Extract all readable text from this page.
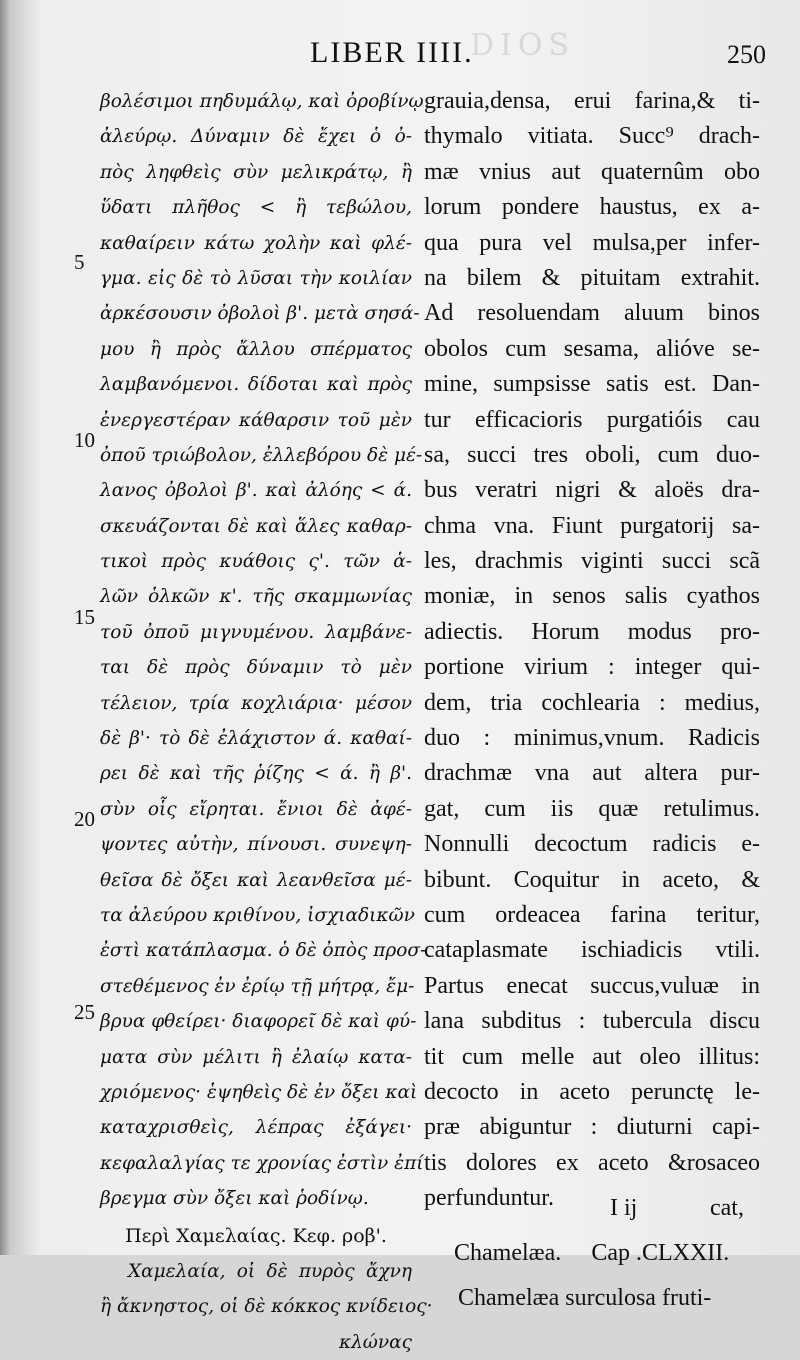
DIOS
LIBER IIII.	250
5
10
15
20
25
βολέσιμοι πηδυμάλῳ, καὶ ὀροβίνῳ
ἀλεύρῳ. Δύναμιν δὲ ἔχει ὁ ὀ-
πὸς ληφθεὶς σὺν μελικράτῳ, ἢ
ὕδατι πλῆθος < ἢ τεβώλου,
καθαίρειν κάτω χολὴν καὶ φλέ-
γμα. εἰς δὲ τὸ λῦσαι τὴν κοιλίαν
ἀρκέσουσιν ὀβολοὶ β'. μετὰ σησά-
μου ἢ πρὸς ἄλλου σπέρματος
λαμβανόμενοι. δίδοται καὶ πρὸς
ἐνεργεστέραν κάθαρσιν τοῦ μὲν
ὀποῦ τριώβολον, ἐλλεβόρου δὲ μέ-
λανος ὀβολοὶ β'. καὶ ἀλόης < ά.
σκευάζονται δὲ καὶ ἅλες καθαρ-
τικοὶ πρὸς κυάθοις ς'. τῶν ἁ-
λῶν ὁλκῶν κ'. τῆς σκαμμωνίας
τοῦ ὀποῦ μιγνυμένου. λαμβάνε-
ται δὲ πρὸς δύναμιν τὸ μὲν
τέλειον, τρία κοχλιάρια· μέσον
δὲ β'· τὸ δὲ ἐλάχιστον ά. καθαί-
ρει δὲ καὶ τῆς ῥίζης < ά. ἢ β'.
σὺν οἷς εἴρηται. ἔνιοι δὲ ἀφέ-
ψοντες αὐτὴν, πίνουσι. συνεψη-
θεῖσα δὲ ὄξει καὶ λεανθεῖσα μέ-
τα ἀλεύρου κριθίνου, ἰσχιαδικῶν
ἐστὶ κατάπλασμα. ὁ δὲ ὀπὸς προσ-
στεθέμενος ἐν ἐρίῳ τῇ μήτρᾳ, ἔμ-
βρυα φθείρει· διαφορεῖ δὲ καὶ φύ-
ματα σὺν μέλιτι ἢ ἐλαίῳ κατα-
χριόμενος· ἑψηθεὶς δὲ ἐν ὄξει καὶ
καταχρισθεὶς, λέπρας ἐξάγει·
κεφαλαλγίας τε χρονίας ἐστὶν ἐπί
βρεγμα σὺν ὄξει καὶ ῥοδίνῳ.
Περὶ Χαμελαίας. Κεφ. ροβ'.
Χαμελαία, οἱ δὲ πυρὸς ἄχνη
ἢ ἄκνηστος, οἱ δὲ κόκκος κνίδειος·
κλώνας
grauia,densa, erui farina,& ti-
thymalo vitiata. Succ⁹ drach-
mæ vnius aut quaternûm obo
lorum pondere haustus, ex a-
qua pura vel mulsa,per infer-
na bilem & pituitam extrahit.
Ad resoluendam aluum binos
obolos cum sesama, alióve se-
mine, sumpsisse satis est. Dan-
tur efficacioris purgatióis cau
sa, succi tres oboli, cum duo-
bus veratri nigri & aloës dra-
chma vna. Fiunt purgatorij sa-
les, drachmis viginti succi scã
moniæ, in senos salis cyathos
adiectis. Horum modus pro-
portione virium : integer qui-
dem, tria cochlearia : medius,
duo : minimus,vnum. Radicis
drachmæ vna aut altera pur-
gat, cum iis quæ retulimus.
Nonnulli decoctum radicis e-
bibunt. Coquitur in aceto, &
cum ordeacea farina teritur,
cataplasmate ischiadicis vtili.
Partus enecat succus,vuluæ in
lana subditus : tubercula discu
tit cum melle aut oleo illitus:
decocto in aceto perunctę le-
præ abiguntur : diuturni capi-
tis dolores ex aceto &rosaceo
perfunduntur.
Chamelæa. Cap .CLXXII.
Chamelæa surculosa fruti-
I ij	cat,
